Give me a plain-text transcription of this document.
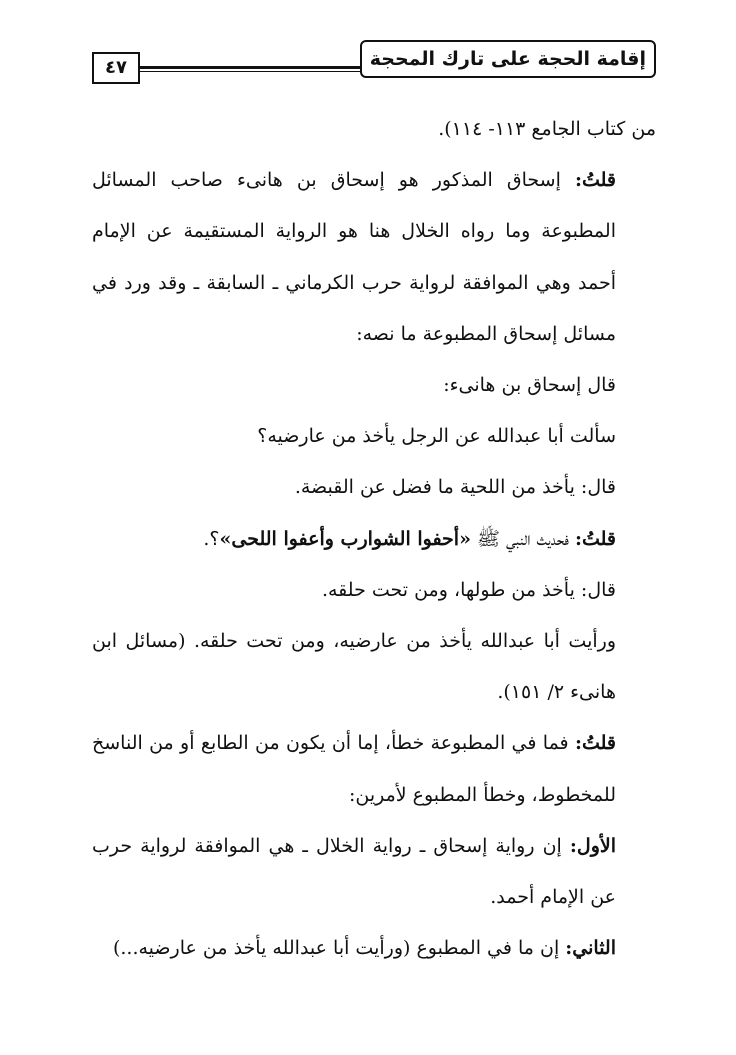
إقامة الحجة على تارك المحجة
٤٧

من كتاب الجامع ١١٣- ١١٤).

قلتُ: إسحاق المذكور هو إسحاق بن هانىء صاحب المسائل المطبوعة وما رواه الخلال هنا هو الرواية المستقيمة عن الإمام أحمد وهي الموافقة لرواية حرب الكرماني ـ السابقة ـ وقد ورد في مسائل إسحاق المطبوعة ما نصه:

قال إسحاق بن هانىء:

سألت أبا عبدالله عن الرجل يأخذ من عارضيه؟

قال: يأخذ من اللحية ما فضل عن القبضة.

قلتُ: فحديث النبي ﷺ «أحفوا الشوارب وأعفوا اللحى»؟.

قال: يأخذ من طولها، ومن تحت حلقه.

ورأيت أبا عبدالله يأخذ من عارضيه، ومن تحت حلقه. (مسائل ابن هانىء ٢/ ١٥١).

قلتُ: فما في المطبوعة خطأ، إما أن يكون من الطابع أو من الناسخ للمخطوط، وخطأ المطبوع لأمرين:

الأول: إن رواية إسحاق ـ رواية الخلال ـ هي الموافقة لرواية حرب عن الإمام أحمد.

الثاني: إن ما في المطبوع (ورأيت أبا عبدالله يأخذ من عارضيه...)
